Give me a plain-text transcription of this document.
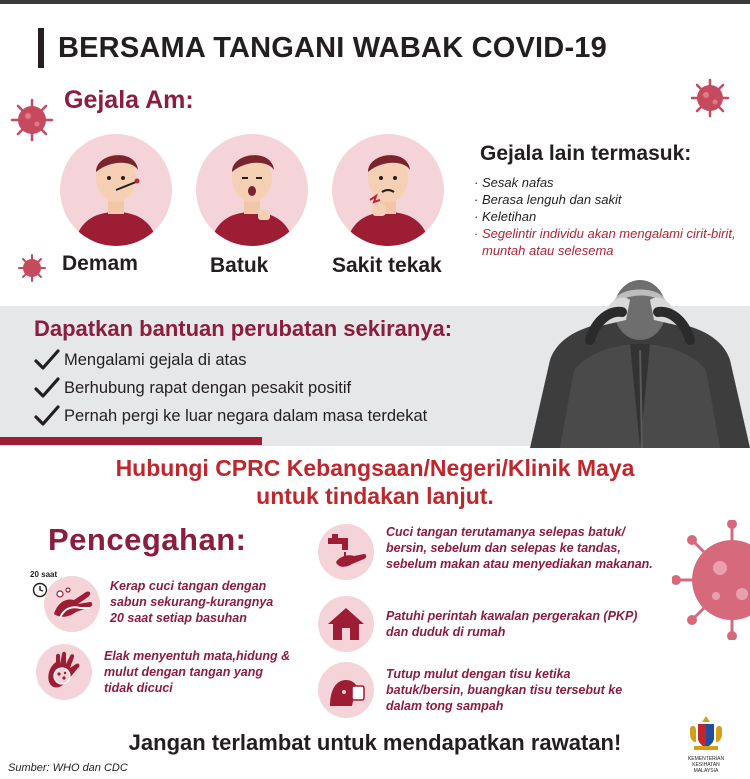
BERSAMA TANGANI WABAK COVID-19
Gejala Am:
Demam	Batuk	Sakit tekak
Gejala lain termasuk:
· Sesak nafas
· Berasa lenguh dan sakit
· Keletihan
· Segelintir individu akan mengalami cirit-birit, muntah atau selesema
Dapatkan bantuan perubatan sekiranya:
Mengalami gejala di atas
Berhubung rapat dengan pesakit positif
Pernah pergi ke luar negara dalam masa terdekat
Hubungi CPRC Kebangsaan/Negeri/Klinik Maya
untuk tindakan lanjut.
Pencegahan:
20 saat
Kerap cuci tangan dengan sabun sekurang-kurangnya 20 saat setiap basuhan
Elak menyentuh mata,hidung & mulut dengan tangan yang tidak dicuci
Cuci tangan terutamanya selepas batuk/ bersin, sebelum dan selepas ke tandas, sebelum makan atau menyediakan makanan.
Patuhi perintah kawalan pergerakan (PKP) dan duduk di rumah
Tutup mulut dengan tisu ketika batuk/bersin, buangkan tisu tersebut ke dalam tong sampah
Jangan terlambat untuk mendapatkan rawatan!
Sumber: WHO dan CDC
KEMENTERIAN KESIHATAN
MALAYSIA
